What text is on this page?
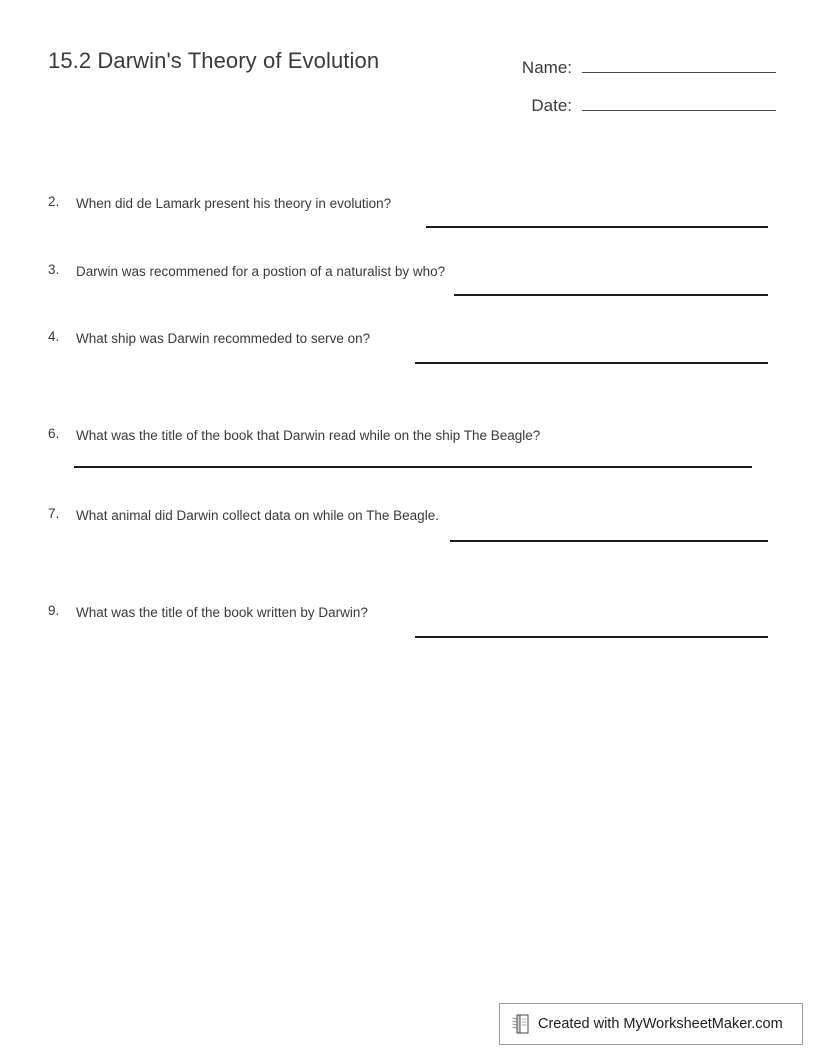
15.2 Darwin's Theory of Evolution	Name:
Date:
2.	When did de Lamark present his theory in evolution?
3.	Darwin was recommened for a postion of a naturalist by who?
4.	What ship was Darwin recommeded to serve on?
6.	What was the title of the book that Darwin read while on the ship The Beagle?
7.	What animal did Darwin collect data on while on The Beagle.
9.	What was the title of the book written by Darwin?
Created with MyWorksheetMaker.com
